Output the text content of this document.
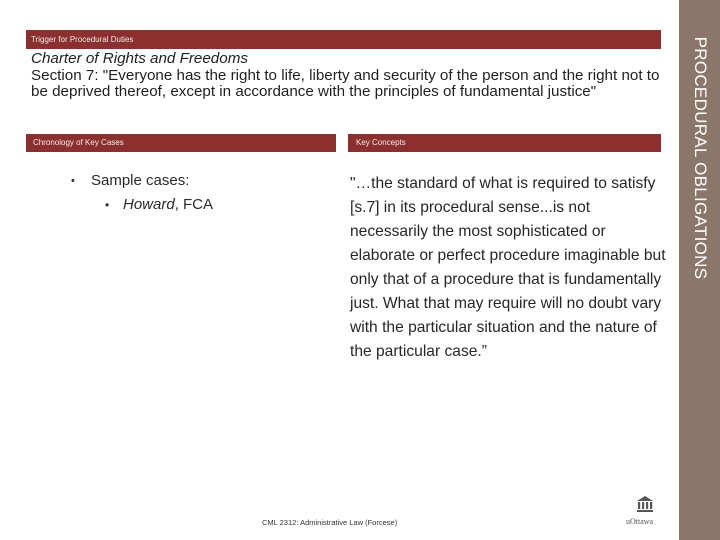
PROCEDURAL OBLIGATIONS
Trigger for Procedural Duties
Charter of Rights and Freedoms
Section 7: "Everyone has the right to life, liberty and security of the person and the right not to be deprived thereof, except in accordance with the principles of fundamental justice"
Chronology of Key Cases	Key Concepts
• Sample cases:
• Howard, FCA
"…the standard of what is required to satisfy [s.7] in its procedural sense...is not necessarily the most sophisticated or elaborate or perfect procedure imaginable but only that of a procedure that is fundamentally just. What that may require will no doubt vary with the particular situation and the nature of the particular case.”
CML 2312: Administrative Law (Forcese)	uOttawa
